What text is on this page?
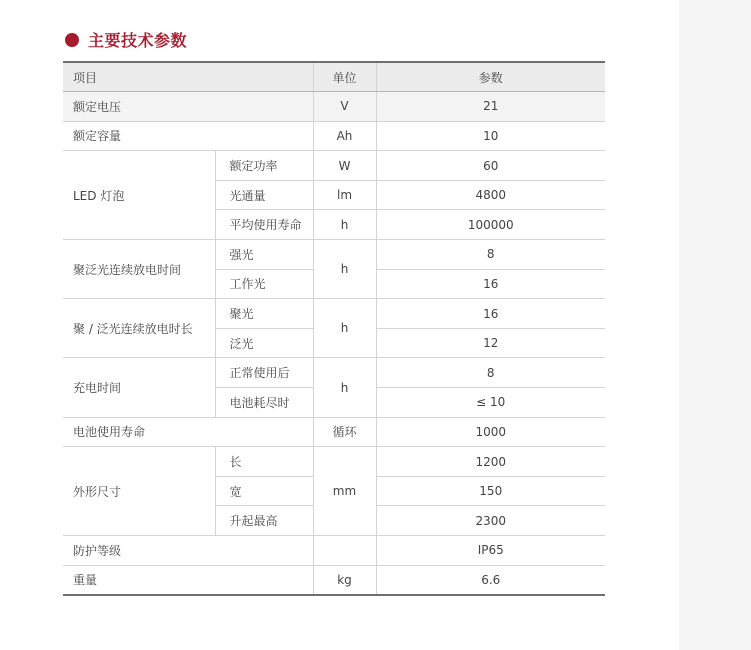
主要技术参数
项目		单位	参数
额定电压		V	21
额定容量		Ah	10
LED 灯泡	额定功率	W	60
	光通量	lm	4800
	平均使用寿命	h	100000
聚泛光连续放电时间	强光	h	8
	工作光		16
聚 / 泛光连续放电时长	聚光	h	16
	泛光		12
充电时间	正常使用后	h	8
	电池耗尽时		≤ 10
电池使用寿命		循环	1000
外形尺寸	长	mm	1200
	宽		150
	升起最高		2300
防护等级			IP65
重量		kg	6.6
